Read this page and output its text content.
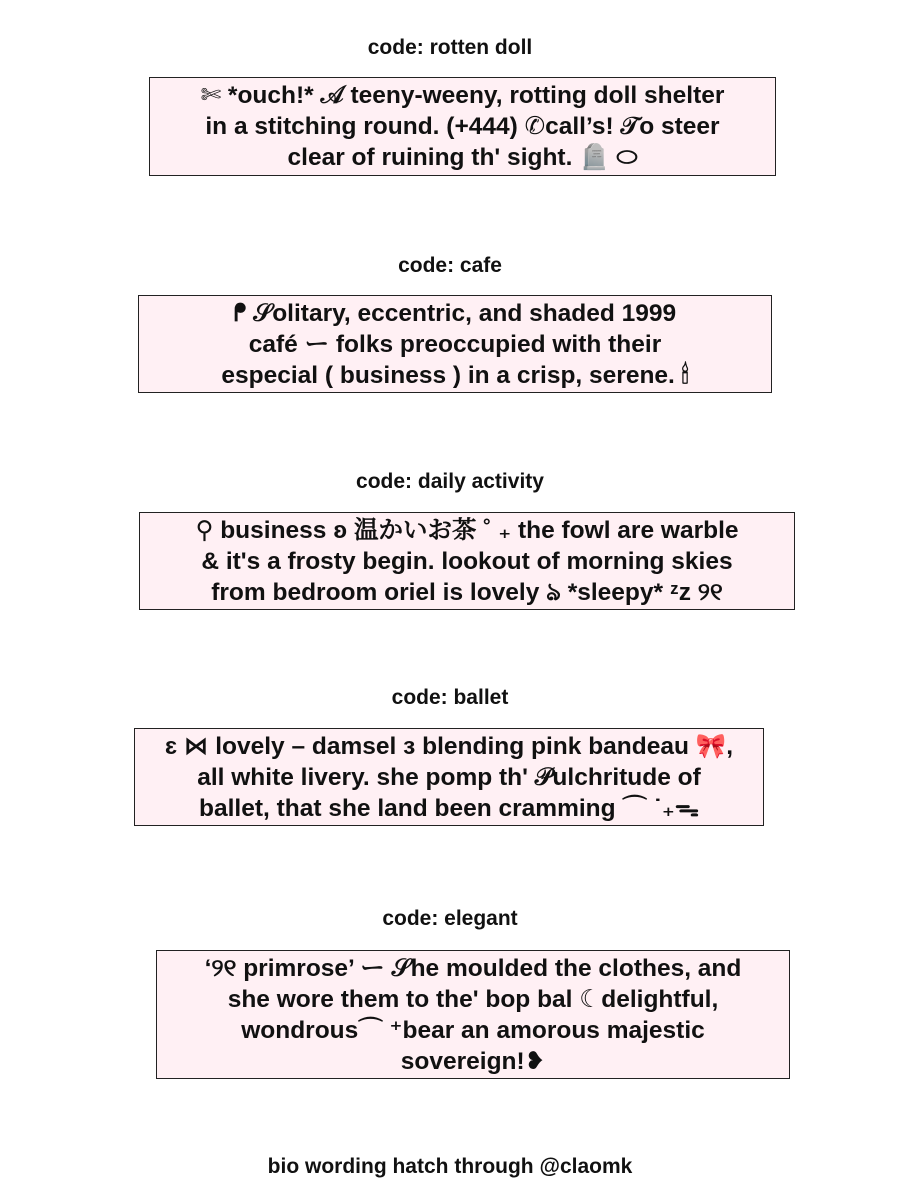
code: rotten doll
✄ *ouch!* 𝒜 teeny-weeny, rotting doll shelter
in a stitching round. (+444) ✆call’s! 𝒯o steer
clear of ruining th' sight. 🪦 ⬭
code: cafe
ᖰ 𝒮olitary, eccentric, and shaded 1999
café ー folks preoccupied with their
especial ( business ) in a crisp, serene. 🕯
code: daily activity
⚲ business ʚ 温かいお茶 ˚ ₊ the fowl are warble
& it's a frosty begin. lookout of morning skies
from bedroom oriel is lovely ঌ *sleepy* ᶻz ୨୧
code: ballet
ɛ ⋈ lovely – damsel ɜ blending pink bandeau 🎀,
all white livery. she pomp th' 𝒫ulchritude of
ballet, that she land been cramming ⌒ ˙₊ᯓ
code: elegant
‘୨୧ primrose’ ー 𝒮he moulded the clothes, and
she wore them to the' bop bal ☾delightful,
wondrous⌒ ⁺bear an amorous majestic
sovereign!❥
bio wording hatch through @claomk
